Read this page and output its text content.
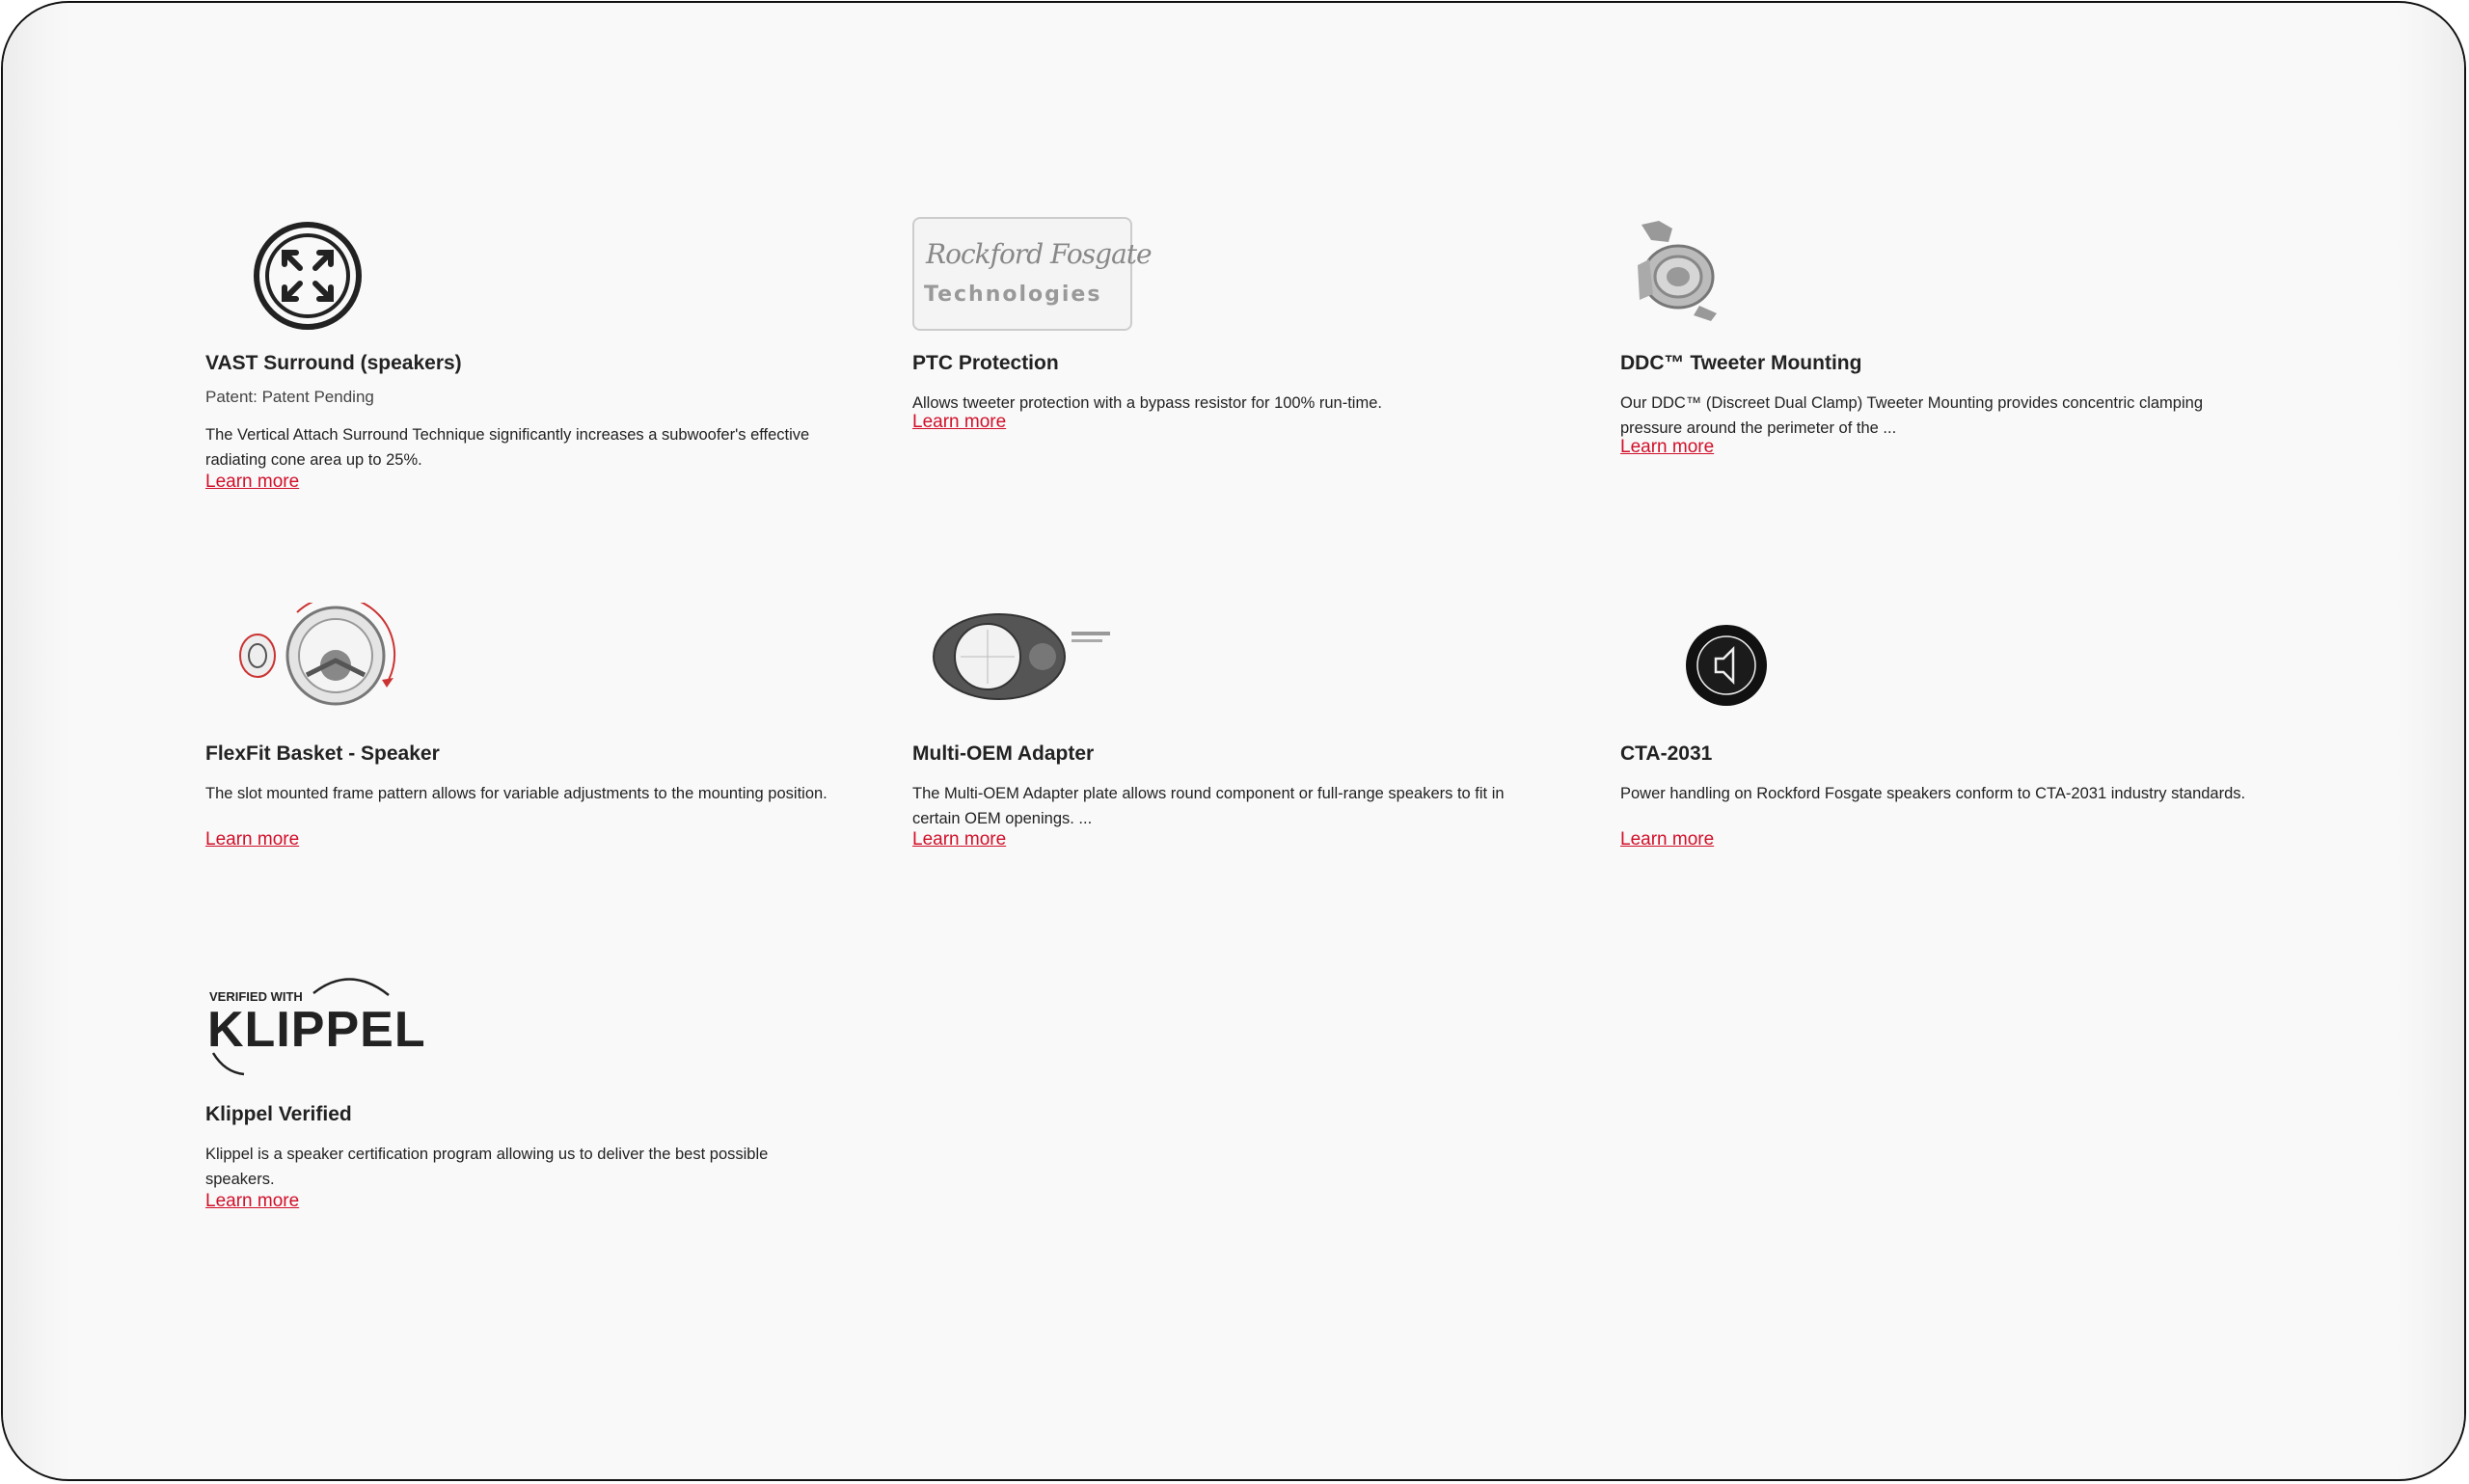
VAST Surround (speakers)
Patent: Patent Pending
The Vertical Attach Surround Technique significantly increases a subwoofer's effective radiating cone area up to 25%.
Learn more
Rockford Fosgate
Technologies
PTC Protection
Allows tweeter protection with a bypass resistor for 100% run-time.
Learn more
DDC™ Tweeter Mounting
Our DDC™ (Discreet Dual Clamp) Tweeter Mounting provides concentric clamping pressure around the perimeter of the ...
Learn more
FlexFit Basket - Speaker
The slot mounted frame pattern allows for variable adjustments to the mounting position.
Learn more
Multi-OEM Adapter
The Multi-OEM Adapter plate allows round component or full-range speakers to fit in certain OEM openings. ...
Learn more
CTA-2031
Power handling on Rockford Fosgate speakers conform to CTA-2031 industry standards.
Learn more
VERIFIED WITH
KLIPPEL
Klippel Verified
Klippel is a speaker certification program allowing us to deliver the best possible speakers.
Learn more
